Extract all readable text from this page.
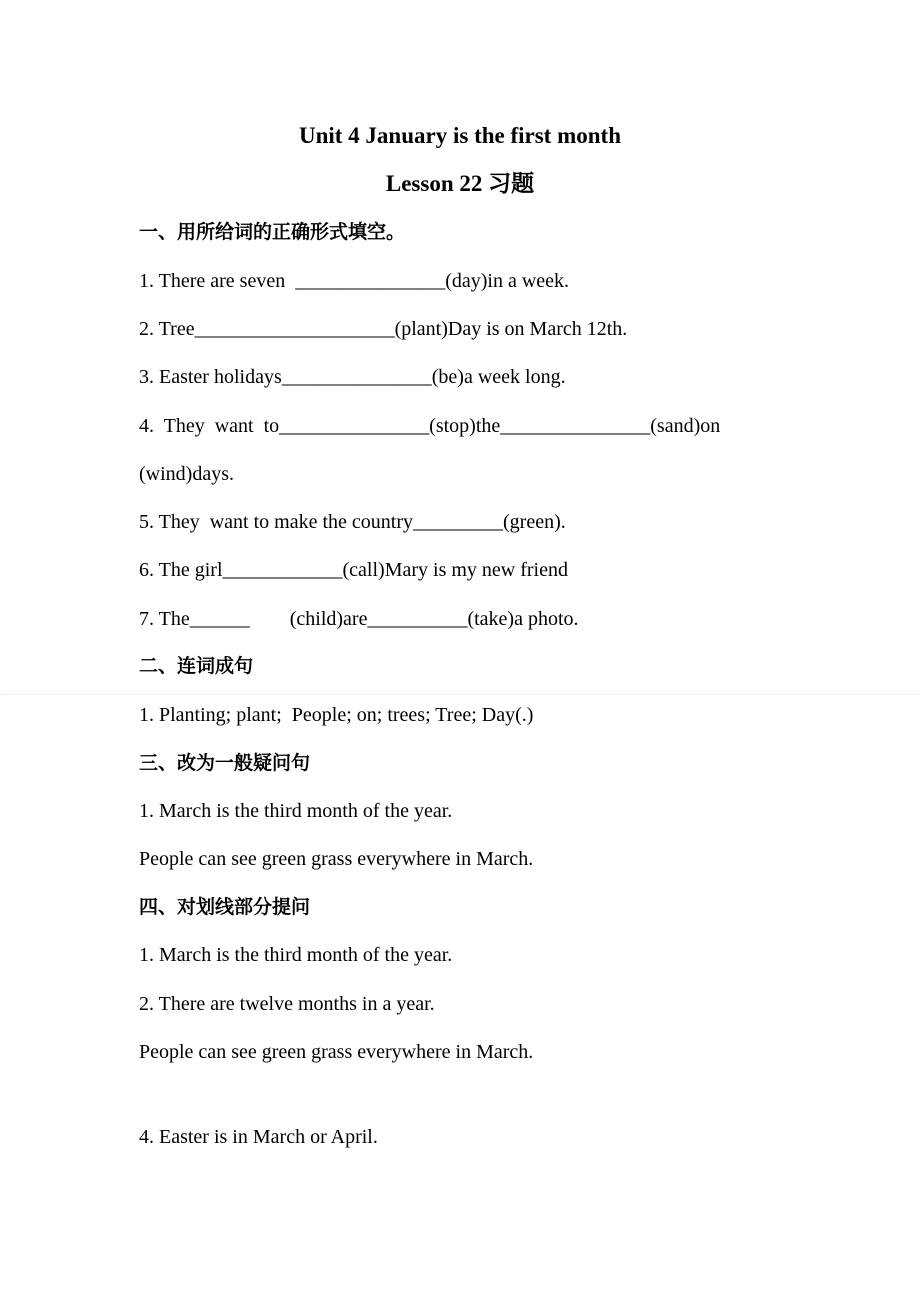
Unit 4 January is the first month
Lesson 22 习题
一、用所给词的正确形式填空。
1. There are seven  _______________(day)in a week.
2. Tree____________________(plant)Day is on March 12th.
3. Easter holidays_______________(be)a week long.
4.  They  want  to_______________(stop)the_______________(sand)on
(wind)days.
5. They  want to make the country_________(green).
6. The girl____________(call)Mary is my new friend
7. The______        (child)are__________(take)a photo.
二、连词成句
1. Planting; plant;  People; on; trees; Tree; Day(.)
三、改为一般疑问句
1. March is the third month of the year.
People can see green grass everywhere in March.
四、对划线部分提问
1. March is the third month of the year.
2. There are twelve months in a year.
People can see green grass everywhere in March.
4. Easter is in March or April.
